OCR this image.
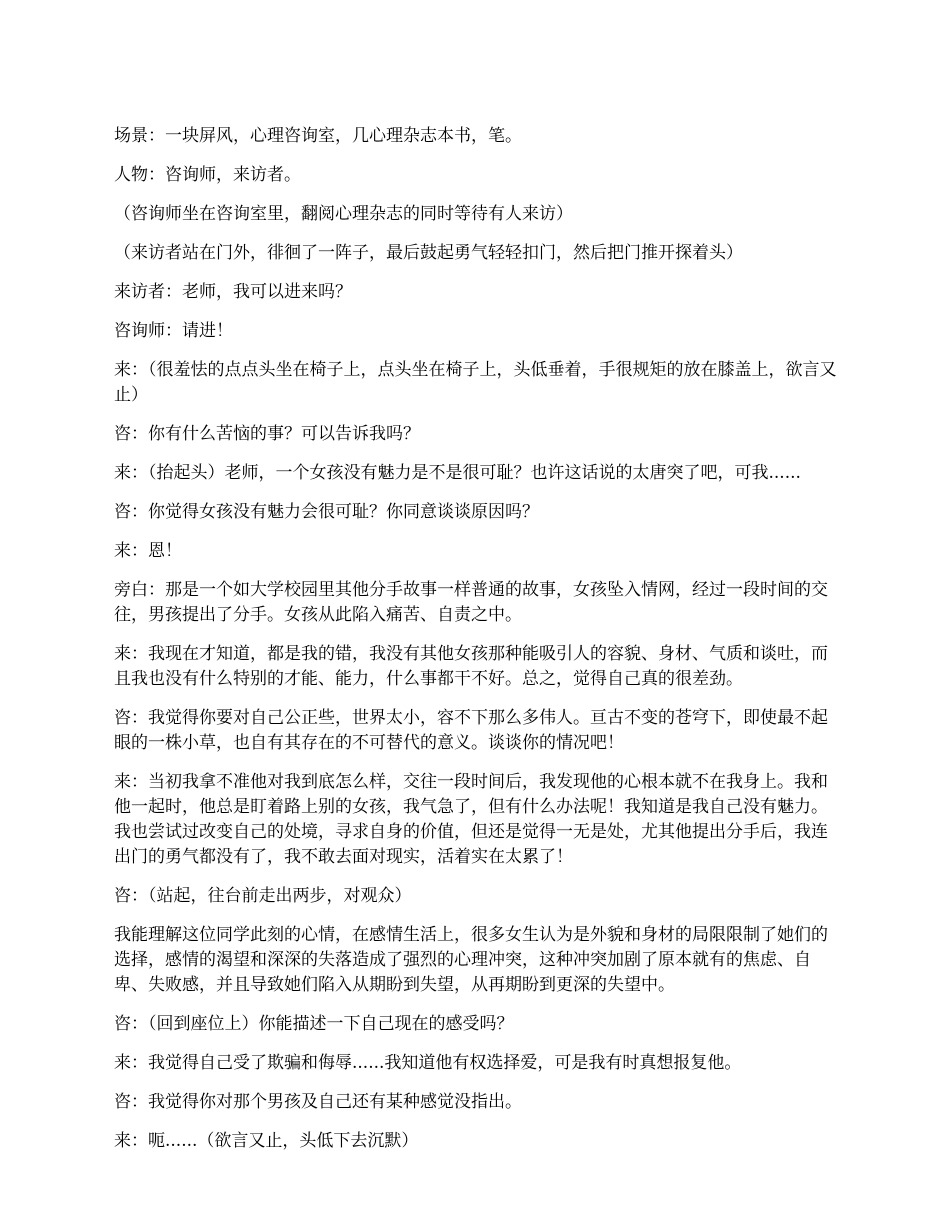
场景：一块屏风，心理咨询室，几心理杂志本书，笔。

人物：咨询师，来访者。

（咨询师坐在咨询室里，翻阅心理杂志的同时等待有人来访）

（来访者站在门外，徘徊了一阵子，最后鼓起勇气轻轻扣门，然后把门推开探着头）

来访者：老师，我可以进来吗？

咨询师：请进！

来：（很羞怯的点点头坐在椅子上，点头坐在椅子上，头低垂着，手很规矩的放在膝盖上，欲言又止）

咨：你有什么苦恼的事？可以告诉我吗？

来：（抬起头）老师，一个女孩没有魅力是不是很可耻？也许这话说的太唐突了吧，可我......

咨：你觉得女孩没有魅力会很可耻？你同意谈谈原因吗？

来：恩！

旁白：那是一个如大学校园里其他分手故事一样普通的故事，女孩坠入情网，经过一段时间的交往，男孩提出了分手。女孩从此陷入痛苦、自责之中。

来：我现在才知道，都是我的错，我没有其他女孩那种能吸引人的容貌、身材、气质和谈吐，而且我也没有什么特别的才能、能力，什么事都干不好。总之，觉得自己真的很差劲。

咨：我觉得你要对自己公正些，世界太小，容不下那么多伟人。亘古不变的苍穹下，即使最不起眼的一株小草，也自有其存在的不可替代的意义。谈谈你的情况吧！

来：当初我拿不准他对我到底怎么样，交往一段时间后，我发现他的心根本就不在我身上。我和他一起时，他总是盯着路上别的女孩，我气急了，但有什么办法呢！我知道是我自己没有魅力。我也尝试过改变自己的处境，寻求自身的价值，但还是觉得一无是处，尤其他提出分手后，我连出门的勇气都没有了，我不敢去面对现实，活着实在太累了！

咨：（站起，往台前走出两步，对观众）

我能理解这位同学此刻的心情，在感情生活上，很多女生认为是外貌和身材的局限限制了她们的选择，感情的渴望和深深的失落造成了强烈的心理冲突，这种冲突加剧了原本就有的焦虑、自卑、失败感，并且导致她们陷入从期盼到失望，从再期盼到更深的失望中。

咨：（回到座位上）你能描述一下自己现在的感受吗？

来：我觉得自己受了欺骗和侮辱......我知道他有权选择爱，可是我有时真想报复他。

咨：我觉得你对那个男孩及自己还有某种感觉没指出。

来：呃......（欲言又止，头低下去沉默）
